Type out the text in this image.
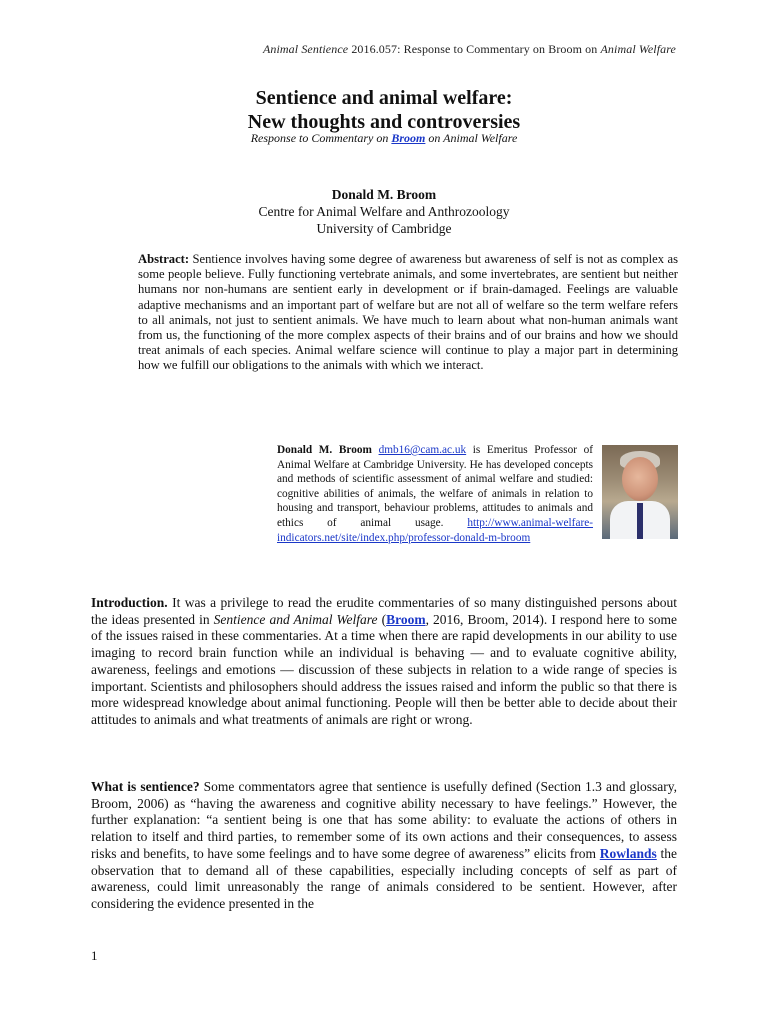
Animal Sentience 2016.057: Response to Commentary on Broom on Animal Welfare
Sentience and animal welfare:
New thoughts and controversies
Response to Commentary on Broom on Animal Welfare
Donald M. Broom
Centre for Animal Welfare and Anthrozoology
University of Cambridge
Abstract: Sentience involves having some degree of awareness but awareness of self is not as complex as some people believe. Fully functioning vertebrate animals, and some invertebrates, are sentient but neither humans nor non-humans are sentient early in development or if brain-damaged. Feelings are valuable adaptive mechanisms and an important part of welfare but are not all of welfare so the term welfare refers to all animals, not just to sentient animals. We have much to learn about what non-human animals want from us, the functioning of the more complex aspects of their brains and of our brains and how we should treat animals of each species. Animal welfare science will continue to play a major part in determining how we fulfill our obligations to the animals with which we interact.
Donald M. Broom dmb16@cam.ac.uk is Emeritus Professor of Animal Welfare at Cambridge University. He has developed concepts and methods of scientific assessment of animal welfare and studied: cognitive abilities of animals, the welfare of animals in relation to housing and transport, behaviour problems, attitudes to animals and ethics of animal usage. http://www.animal-welfare-indicators.net/site/index.php/professor-donald-m-broom
Introduction. It was a privilege to read the erudite commentaries of so many distinguished persons about the ideas presented in Sentience and Animal Welfare (Broom, 2016, Broom, 2014). I respond here to some of the issues raised in these commentaries. At a time when there are rapid developments in our ability to use imaging to record brain function while an individual is behaving — and to evaluate cognitive ability, awareness, feelings and emotions — discussion of these subjects in relation to a wide range of species is important. Scientists and philosophers should address the issues raised and inform the public so that there is more widespread knowledge about animal functioning. People will then be better able to decide about their attitudes to animals and what treatments of animals are right or wrong.
What is sentience? Some commentators agree that sentience is usefully defined (Section 1.3 and glossary, Broom, 2006) as “having the awareness and cognitive ability necessary to have feelings.” However, the further explanation: “a sentient being is one that has some ability: to evaluate the actions of others in relation to itself and third parties, to remember some of its own actions and their consequences, to assess risks and benefits, to have some feelings and to have some degree of awareness” elicits from Rowlands the observation that to demand all of these capabilities, especially including concepts of self as part of awareness, could limit unreasonably the range of animals considered to be sentient. However, after considering the evidence presented in the
1
